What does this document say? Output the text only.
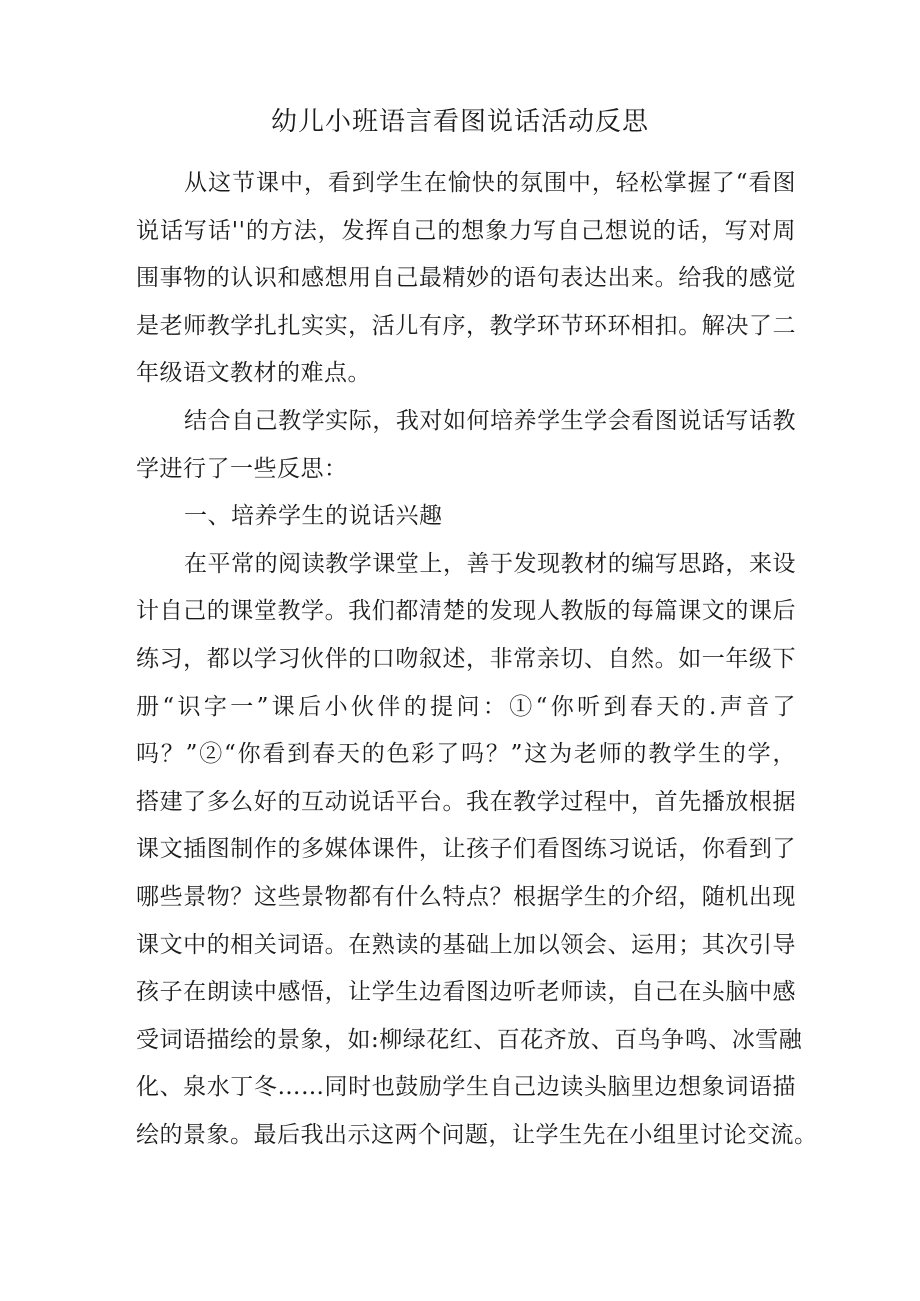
幼儿小班语言看图说话活动反思
从这节课中，看到学生在愉快的氛围中，轻松掌握了“看图
说话写话''的方法，发挥自己的想象力写自己想说的话，写对周
围事物的认识和感想用自己最精妙的语句表达出来。给我的感觉
是老师教学扎扎实实，活儿有序，教学环节环环相扣。解决了二
年级语文教材的难点。
结合自己教学实际，我对如何培养学生学会看图说话写话教
学进行了一些反思：
一、培养学生的说话兴趣
在平常的阅读教学课堂上，善于发现教材的编写思路，来设
计自己的课堂教学。我们都清楚的发现人教版的每篇课文的课后
练习，都以学习伙伴的口吻叙述，非常亲切、自然。如一年级下
册“识字一”课后小伙伴的提问：①“你听到春天的.声音了
吗？”②“你看到春天的色彩了吗？”这为老师的教学生的学，
搭建了多么好的互动说话平台。我在教学过程中，首先播放根据
课文插图制作的多媒体课件，让孩子们看图练习说话，你看到了
哪些景物？这些景物都有什么特点？根据学生的介绍，随机出现
课文中的相关词语。在熟读的基础上加以领会、运用；其次引导
孩子在朗读中感悟，让学生边看图边听老师读，自己在头脑中感
受词语描绘的景象，如:柳绿花红、百花齐放、百鸟争鸣、冰雪融
化、泉水丁冬……同时也鼓励学生自己边读头脑里边想象词语描
绘的景象。最后我出示这两个问题，让学生先在小组里讨论交流。
